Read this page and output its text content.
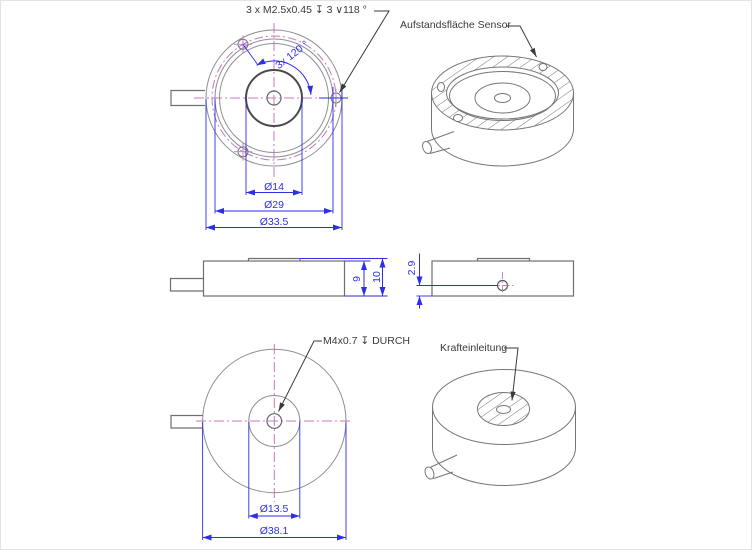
3 x M2.5x0.45 ↧ 3 ∨118 °
Aufstandsfläche Sensor
3x 120 °
Ø14
Ø29
Ø33.5
9 10
2.9
M4x0.7 ↧ DURCH
Krafteinleitung
Ø13.5
Ø38.1
